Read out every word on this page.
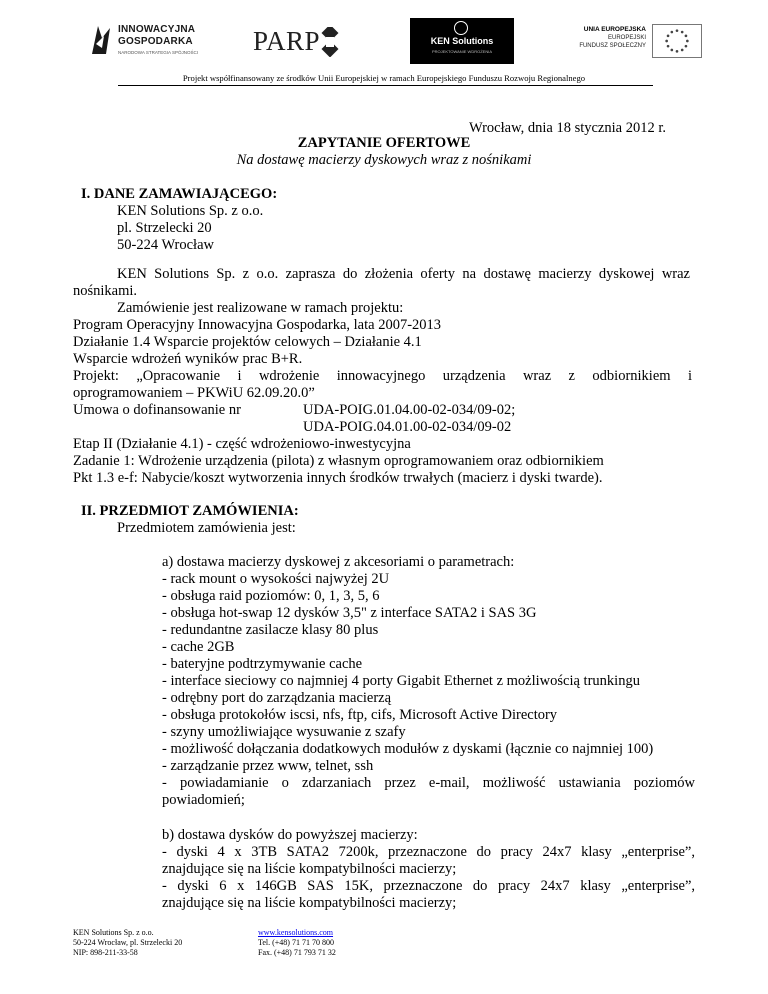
INNOWACYJNA
GOSPODARKA
NARODOWA STRATEGIA SPÓJNOŚCI PARP	KEN Solutions
PROJEKTOWANIE WDROŻENIA
UNIA EUROPEJSKA
EUROPEJSKI
FUNDUSZ SPOŁECZNY
Projekt współfinansowany ze środków Unii Europejskiej w ramach Europejskiego Funduszu Rozwoju Regionalnego
Wrocław, dnia 18 stycznia 2012 r.
ZAPYTANIE OFERTOWE
Na dostawę macierzy dyskowych wraz z nośnikami
I. DANE ZAMAWIAJĄCEGO:
KEN Solutions Sp. z o.o.
pl. Strzelecki 20
50-224 Wrocław
KEN Solutions Sp. z o.o. zaprasza do złożenia oferty na dostawę macierzy dyskowej wraz
nośnikami.
Zamówienie jest realizowane w ramach projektu:
Program Operacyjny Innowacyjna Gospodarka, lata 2007-2013
Działanie 1.4 Wsparcie projektów celowych – Działanie 4.1
Wsparcie wdrożeń wyników prac B+R.
Projekt: „Opracowanie i wdrożenie innowacyjnego urządzenia wraz z odbiornikiem i
oprogramowaniem – PKWiU 62.09.20.0”
Umowa o dofinansowanie nr	UDA-POIG.01.04.00-02-034/09-02;
UDA-POIG.04.01.00-02-034/09-02
Etap II (Działanie 4.1) - część wdrożeniowo-inwestycyjna
Zadanie 1: Wdrożenie urządzenia (pilota) z własnym oprogramowaniem oraz odbiornikiem
Pkt 1.3 e-f: Nabycie/koszt wytworzenia innych środków trwałych (macierz i dyski twarde).
II. PRZEDMIOT ZAMÓWIENIA:
Przedmiotem zamówienia jest:
a) dostawa macierzy dyskowej z akcesoriami o parametrach:
- rack mount o wysokości najwyżej 2U
- obsługa raid poziomów: 0, 1, 3, 5, 6
- obsługa hot-swap 12 dysków 3,5" z interface SATA2 i SAS 3G
- redundantne zasilacze klasy 80 plus
- cache 2GB
- bateryjne podtrzymywanie cache
- interface sieciowy co najmniej 4 porty Gigabit Ethernet z możliwością trunkingu
- odrębny port do zarządzania macierzą
- obsługa protokołów iscsi, nfs, ftp, cifs, Microsoft Active Directory
- szyny umożliwiające wysuwanie z szafy
- możliwość dołączania dodatkowych modułów z dyskami (łącznie co najmniej 100)
- zarządzanie przez www, telnet, ssh
- powiadamianie o zdarzaniach przez e-mail, możliwość ustawiania poziomów
powiadomień;
b) dostawa dysków do powyższej macierzy:
- dyski 4 x 3TB SATA2 7200k, przeznaczone do pracy 24x7 klasy „enterprise”,
znajdujące się na liście kompatybilności macierzy;
- dyski 6 x 146GB SAS 15K, przeznaczone do pracy 24x7 klasy „enterprise”,
znajdujące się na liście kompatybilności macierzy;
KEN Solutions Sp. z o.o.
50-224 Wrocław, pl. Strzelecki 20
NIP: 898-211-33-58
www.kensolutions.com
Tel. (+48) 71 71 70 800
Fax. (+48) 71 793 71 32
